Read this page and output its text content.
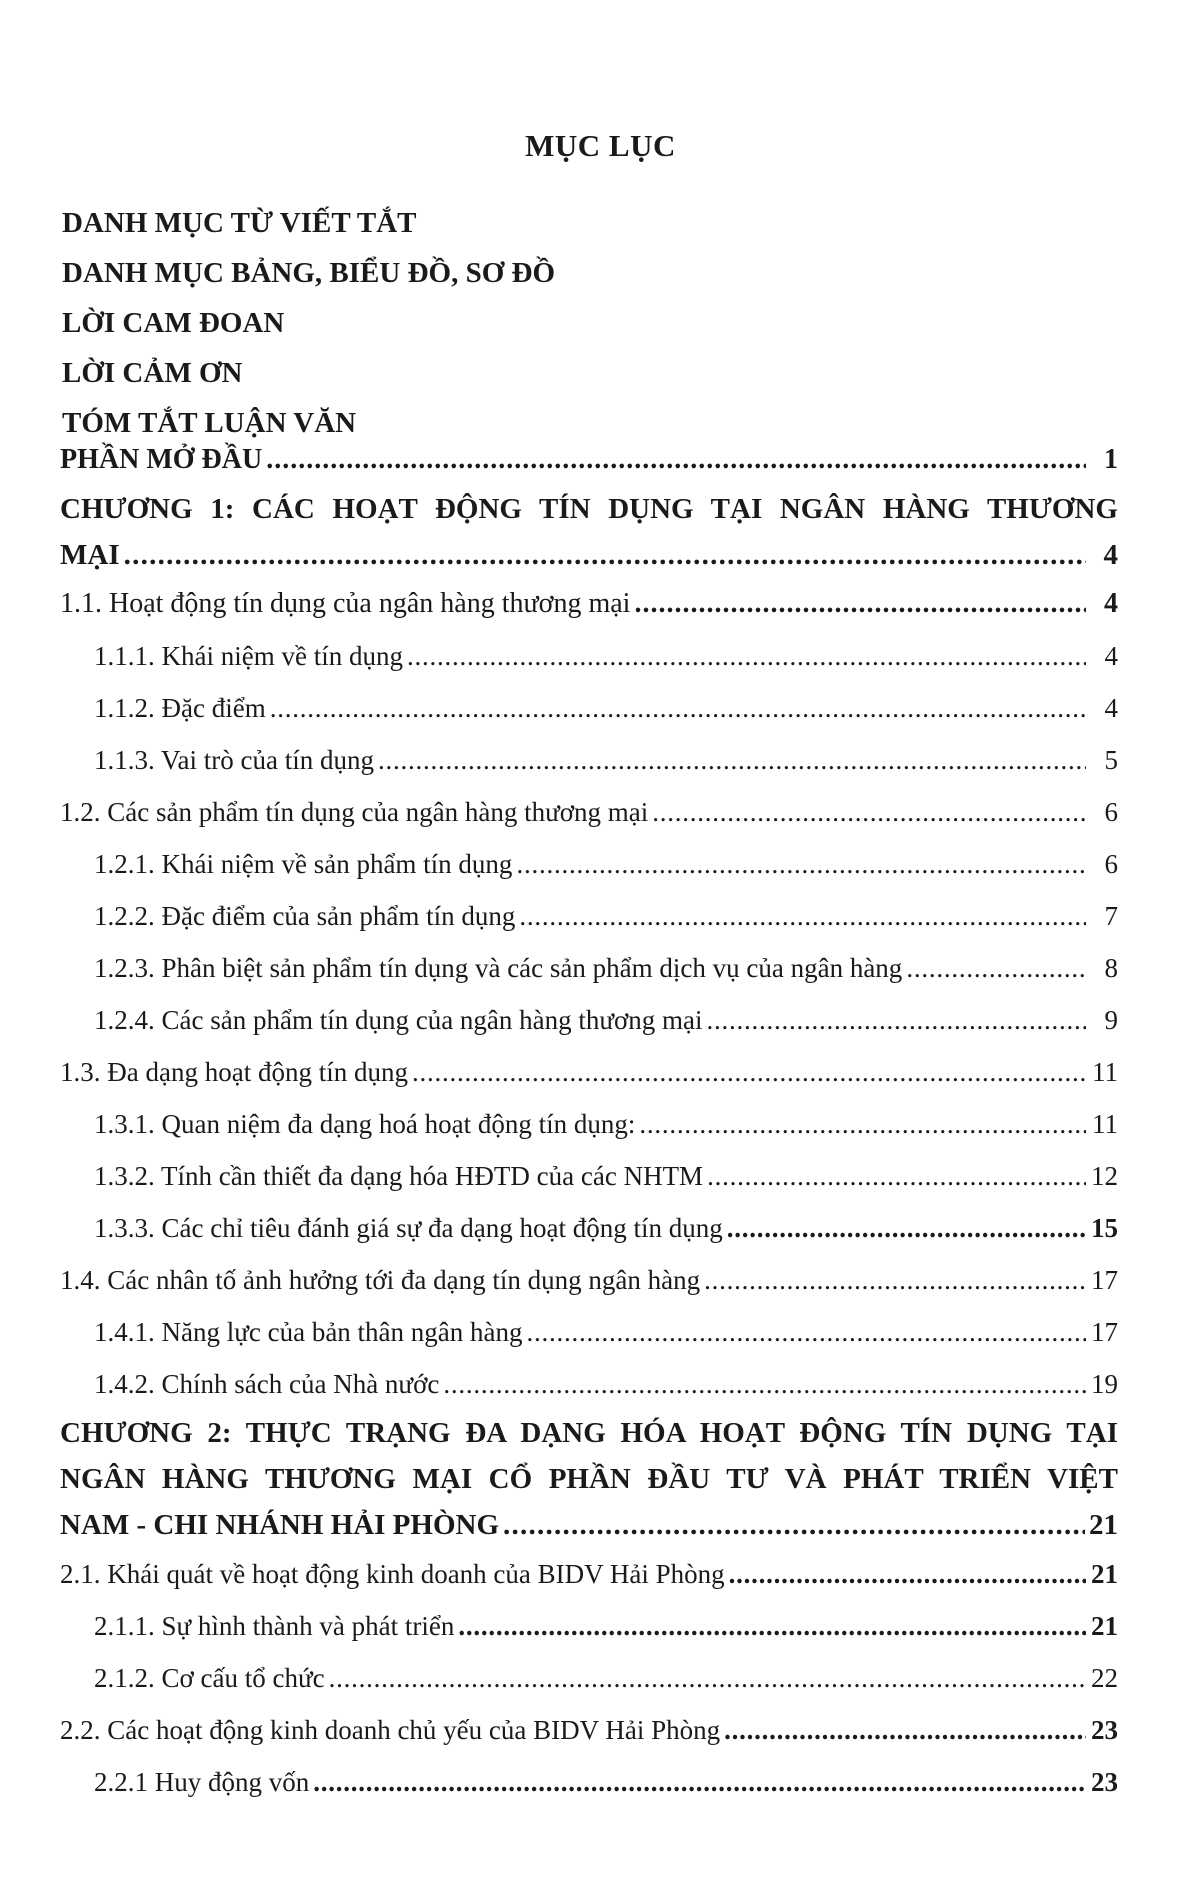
MỤC LỤC
DANH MỤC TỪ VIẾT TẮT
DANH MỤC BẢNG, BIỂU ĐỒ, SƠ ĐỒ
LỜI CAM ĐOAN
LỜI CẢM ƠN
TÓM TẮT LUẬN VĂN
PHẦN MỞ ĐẦU . . .	1
CHƯƠNG 1: CÁC HOẠT ĐỘNG TÍN DỤNG TẠI NGÂN HÀNG THƯƠNG
MẠI . . .	4
1.1. Hoạt động tín dụng của ngân hàng thương mại . . .	4
1.1.1. Khái niệm về tín dụng . . .	4
1.1.2. Đặc điểm . . .	4
1.1.3. Vai trò của tín dụng . . .	5
1.2. Các sản phẩm tín dụng của ngân hàng thương mại . . .	6
1.2.1. Khái niệm về sản phẩm tín dụng . . .	6
1.2.2. Đặc điểm của sản phẩm tín dụng . . .	7
1.2.3. Phân biệt sản phẩm tín dụng và các sản phẩm dịch vụ của ngân hàng . . .	8
1.2.4. Các sản phẩm tín dụng của ngân hàng thương mại . . .	9
1.3. Đa dạng hoạt động tín dụng . . .	11
1.3.1. Quan niệm đa dạng hoá hoạt động tín dụng: . . .	11
1.3.2. Tính cần thiết đa dạng hóa HĐTD của các NHTM . . .	12
1.3.3. Các chỉ tiêu đánh giá sự đa dạng hoạt động tín dụng . . .	15
1.4. Các nhân tố ảnh hưởng tới đa dạng tín dụng ngân hàng . . .	17
1.4.1. Năng lực của bản thân ngân hàng . . .	17
1.4.2. Chính sách của Nhà nước . . .	19
CHƯƠNG 2: THỰC TRẠNG ĐA DẠNG HÓA HOẠT ĐỘNG TÍN DỤNG TẠI
NGÂN HÀNG THƯƠNG MẠI CỔ PHẦN ĐẦU TƯ VÀ PHÁT TRIỂN VIỆT
NAM - CHI NHÁNH HẢI PHÒNG . . .	21
2.1. Khái quát về hoạt động kinh doanh của BIDV Hải Phòng . . .	21
2.1.1. Sự hình thành và phát triển . . .	21
2.1.2. Cơ cấu tổ chức . . .	22
2.2. Các hoạt động kinh doanh chủ yếu của BIDV Hải Phòng . . .	23
2.2.1 Huy động vốn . . .	23
